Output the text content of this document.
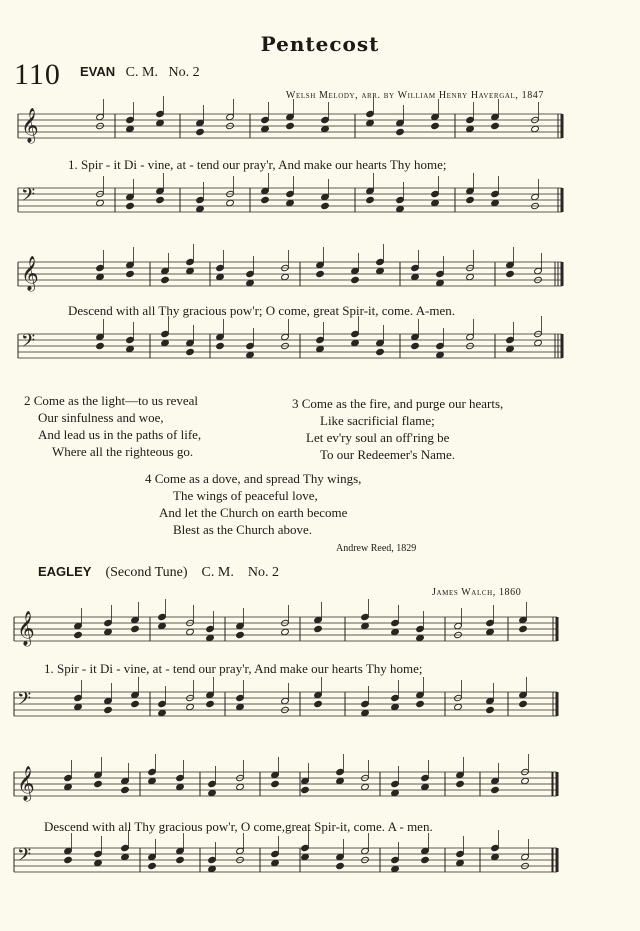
Pentecost
110 EVAN C. M. No. 2
Welsh Melody, arr. by William Henry Havergal, 1847
𝄞
𝄢
𝄞
𝄢
𝄞
𝄢
𝄞
𝄢
1. Spir - it Di - vine, at - tend our pray'r, And make our hearts Thy home;
Descend with all Thy gracious pow'r; O come, great Spir-it, come. A-men.
2 Come as the light—to us reveal
Our sinfulness and woe,
And lead us in the paths of life,
Where all the righteous go.
3 Come as the fire, and purge our hearts,
Like sacrificial flame;
Let ev'ry soul an off'ring be
To our Redeemer's Name.
4 Come as a dove, and spread Thy wings,
The wings of peaceful love,
And let the Church on earth become
Blest as the Church above.
Andrew Reed, 1829
EAGLEY (Second Tune) C. M. No. 2
James Walch, 1860
1. Spir - it Di - vine, at - tend our pray'r, And make our hearts Thy home;
Descend with all Thy gracious pow'r, O come,great Spir-it, come. A - men.
